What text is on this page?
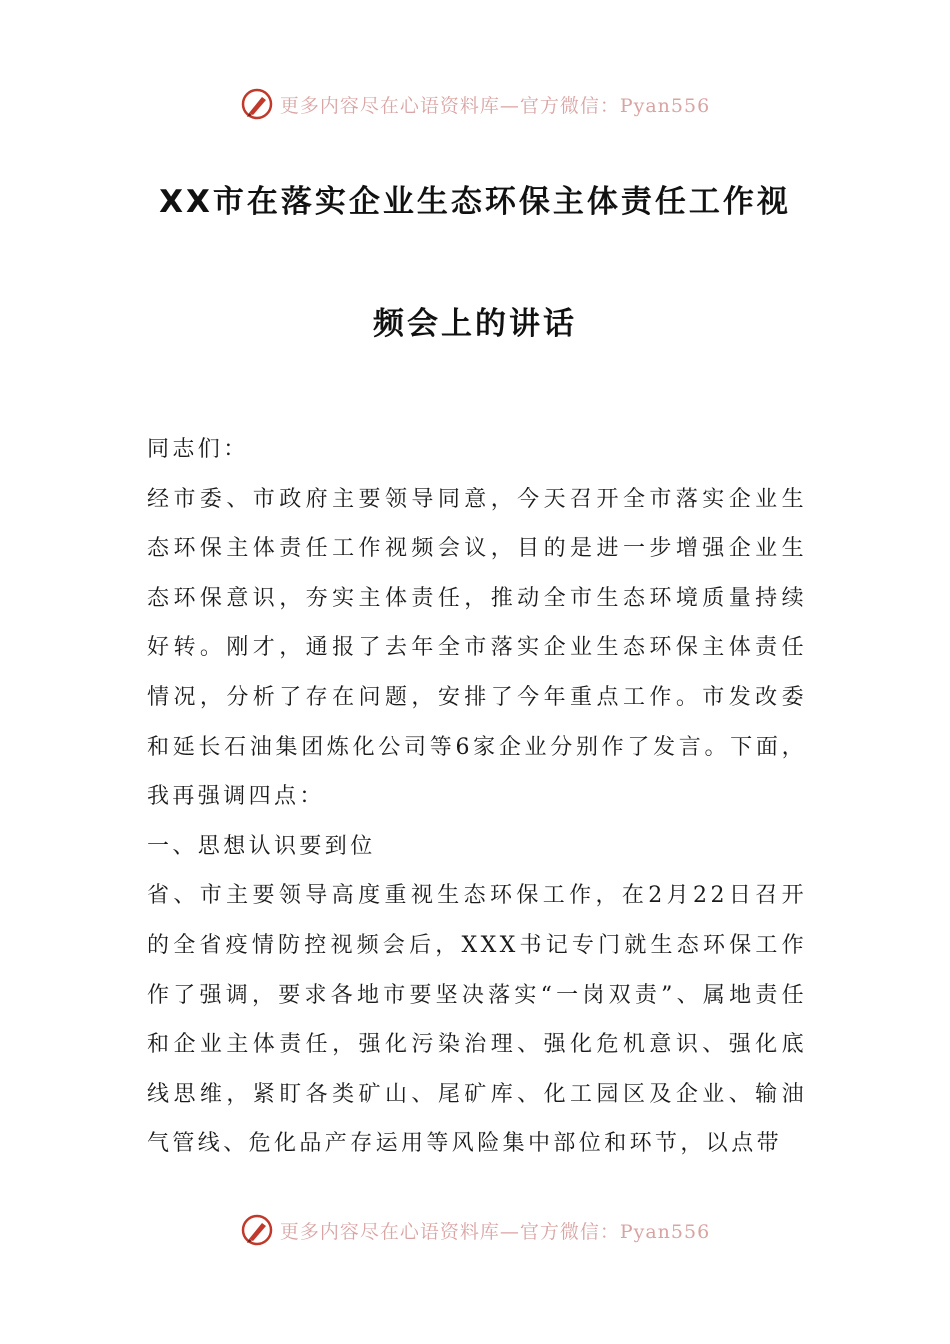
更多内容尽在心语资料库—官方微信：Pyan556
XX市在落实企业生态环保主体责任工作视
频会上的讲话

同志们：

经市委、市政府主要领导同意，今天召开全市落实企业生态环保主体责任工作视频会议，目的是进一步增强企业生态环保意识，夯实主体责任，推动全市生态环境质量持续好转。刚才，通报了去年全市落实企业生态环保主体责任情况，分析了存在问题，安排了今年重点工作。市发改委和延长石油集团炼化公司等6家企业分别作了发言。下面，我再强调四点：

一、思想认识要到位

省、市主要领导高度重视生态环保工作，在2月22日召开的全省疫情防控视频会后，XXX书记专门就生态环保工作作了强调，要求各地市要坚决落实“一岗双责”、属地责任和企业主体责任，强化污染治理、强化危机意识、强化底线思维，紧盯各类矿山、尾矿库、化工园区及企业、输油气管线、危化品产存运用等风险集中部位和环节，以点带

更多内容尽在心语资料库—官方微信：Pyan556
